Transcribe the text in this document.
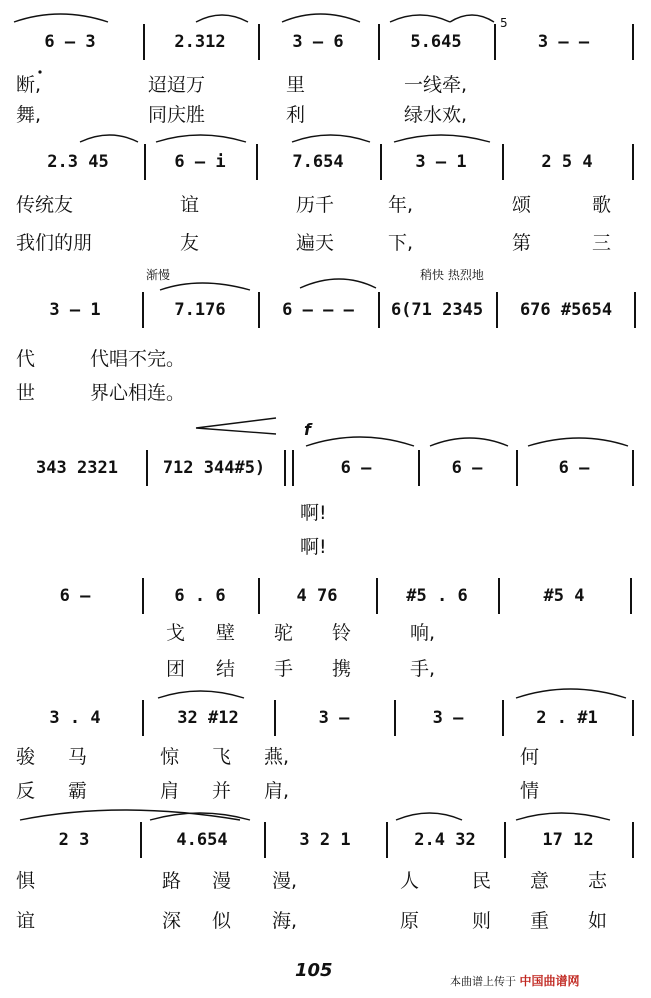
6 – 3	2.312	3 – 6	5.645	3 – –
2.3 45	6 – i	7.654	3 – 1	2 5 4
3 – 1	7.176	6 – – –	6(71 2345	676 #5654
343 2321	712 344#5)	6 –	6 –	6 –
6 –	6 . 6	4 76	#5 . 6	#5 4
3 . 4	32 #12	3 –	3 –	2 . #1
2 3	4.654	3 2 1	2.4 32	17 12
断,	迢迢万	里	一线牵,
舞,	同庆胜	利	绿水欢,
传统友	谊	历千	年,	颂	歌
我们的朋	友	遍天	下,	第	三
代	代唱不完。
世	界心相连。
啊!
啊!
戈 壁 驼 铃	响,
团 结 手 携	手,
骏 马	惊 飞 燕,	何
反 霸	肩 并 肩,	情
惧	路 漫 漫,	人	民 意 志
谊	深 似 海,	原	则 重 如
5
渐慢	稍快 热烈地
f
105
本曲谱上传于 中国曲谱网
